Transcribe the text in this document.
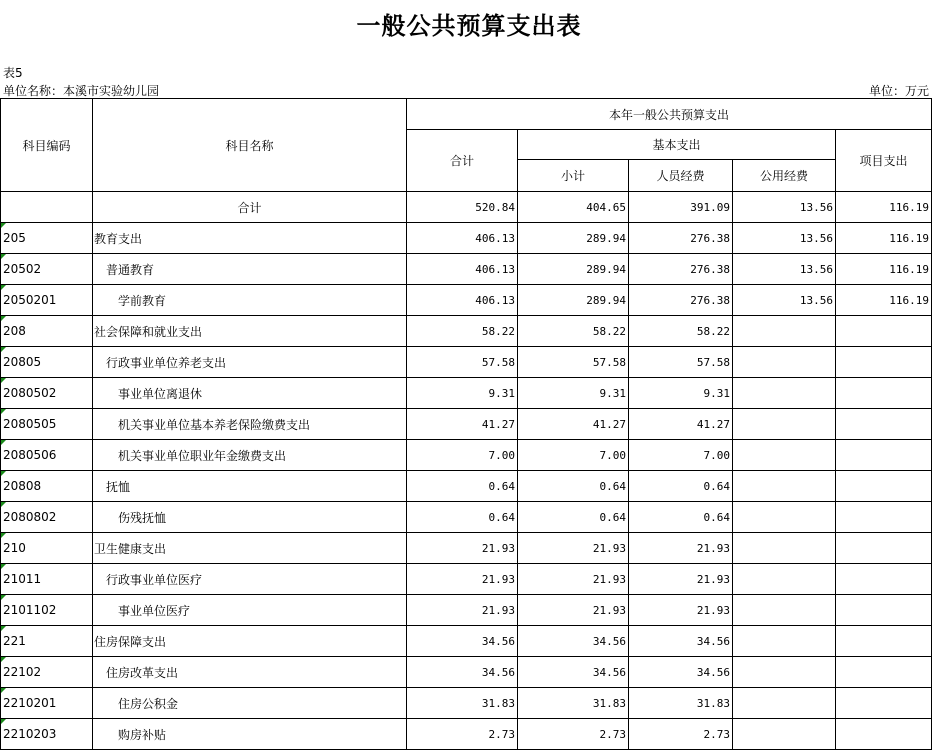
一般公共预算支出表
表5
单位名称：本溪市实验幼儿园	单位：万元
科目编码	科目名称	本年一般公共预算支出				
		合计	基本支出			项目支出
			小计	人员经费	公用经费	
	合计	520.84	404.65	391.09	13.56	116.19
205	教育支出	406.13	289.94	276.38	13.56	116.19
20502	普通教育	406.13	289.94	276.38	13.56	116.19
2050201	学前教育	406.13	289.94	276.38	13.56	116.19
208	社会保障和就业支出	58.22	58.22	58.22		
20805	行政事业单位养老支出	57.58	57.58	57.58		
2080502	事业单位离退休	9.31	9.31	9.31		
2080505	机关事业单位基本养老保险缴费支出	41.27	41.27	41.27		
2080506	机关事业单位职业年金缴费支出	7.00	7.00	7.00		
20808	抚恤	0.64	0.64	0.64		
2080802	伤残抚恤	0.64	0.64	0.64		
210	卫生健康支出	21.93	21.93	21.93		
21011	行政事业单位医疗	21.93	21.93	21.93		
2101102	事业单位医疗	21.93	21.93	21.93		
221	住房保障支出	34.56	34.56	34.56		
22102	住房改革支出	34.56	34.56	34.56		
2210201	住房公积金	31.83	31.83	31.83		
2210203	购房补贴	2.73	2.73	2.73		
